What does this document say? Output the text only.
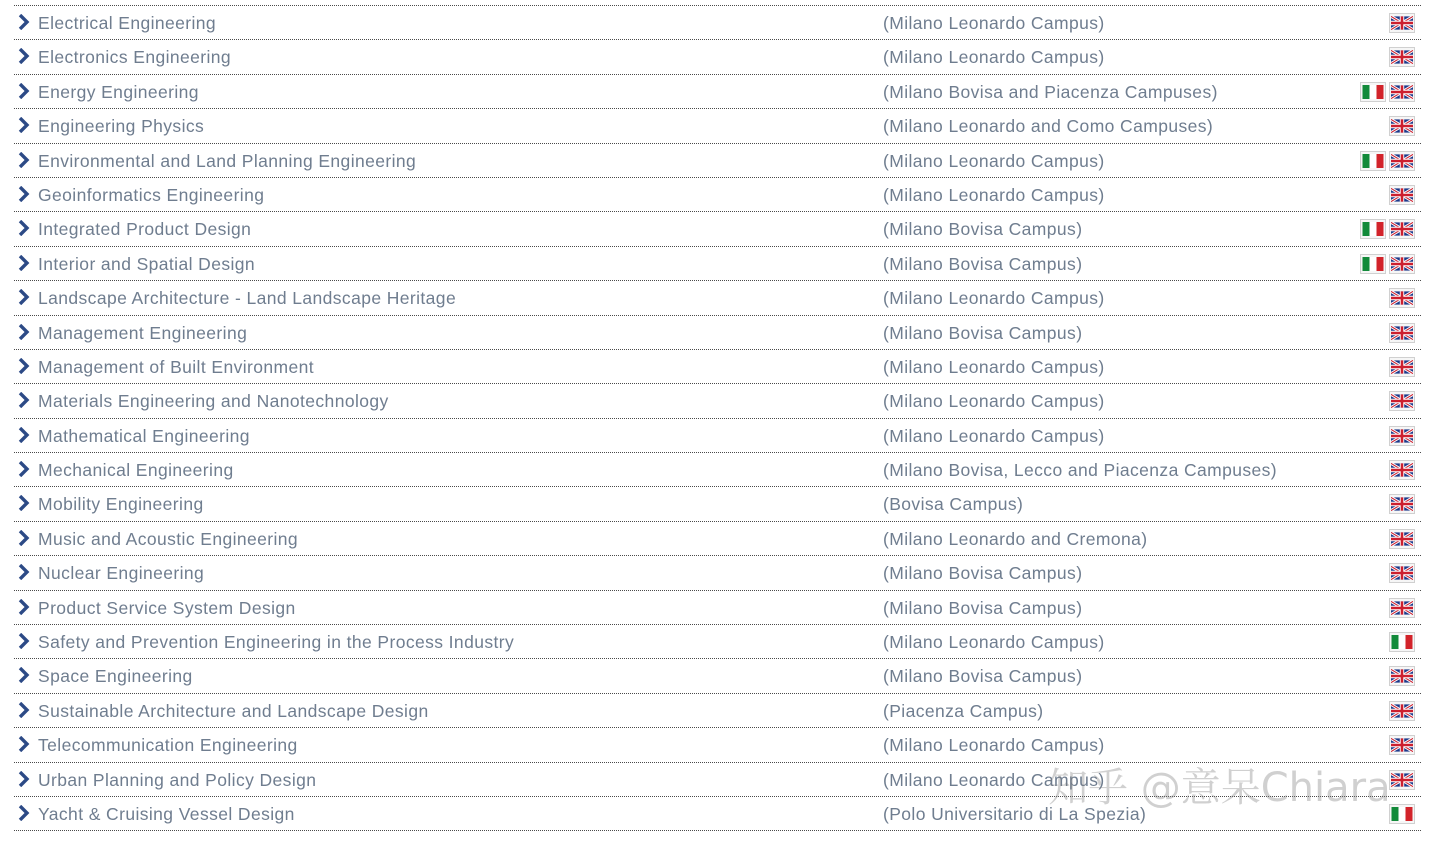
Electrical Engineering	(Milano Leonardo Campus)
Electronics Engineering	(Milano Leonardo Campus)
Energy Engineering	(Milano Bovisa and Piacenza Campuses)
Engineering Physics	(Milano Leonardo and Como Campuses)
Environmental and Land Planning Engineering	(Milano Leonardo Campus)
Geoinformatics Engineering	(Milano Leonardo Campus)
Integrated Product Design	(Milano Bovisa Campus)
Interior and Spatial Design	(Milano Bovisa Campus)
Landscape Architecture - Land Landscape Heritage	(Milano Leonardo Campus)
Management Engineering	(Milano Bovisa Campus)
Management of Built Environment	(Milano Leonardo Campus)
Materials Engineering and Nanotechnology	(Milano Leonardo Campus)
Mathematical Engineering	(Milano Leonardo Campus)
Mechanical Engineering	(Milano Bovisa, Lecco and Piacenza Campuses)
Mobility Engineering	(Bovisa Campus)
Music and Acoustic Engineering	(Milano Leonardo and Cremona)
Nuclear Engineering	(Milano Bovisa Campus)
Product Service System Design	(Milano Bovisa Campus)
Safety and Prevention Engineering in the Process Industry	(Milano Leonardo Campus)
Space Engineering	(Milano Bovisa Campus)
Sustainable Architecture and Landscape Design	(Piacenza Campus)
Telecommunication Engineering	(Milano Leonardo Campus)
Urban Planning and Policy Design	(Milano Leonardo Campus)
Yacht & Cruising Vessel Design	(Polo Universitario di La Spezia)
知乎 @意呆Chiara
